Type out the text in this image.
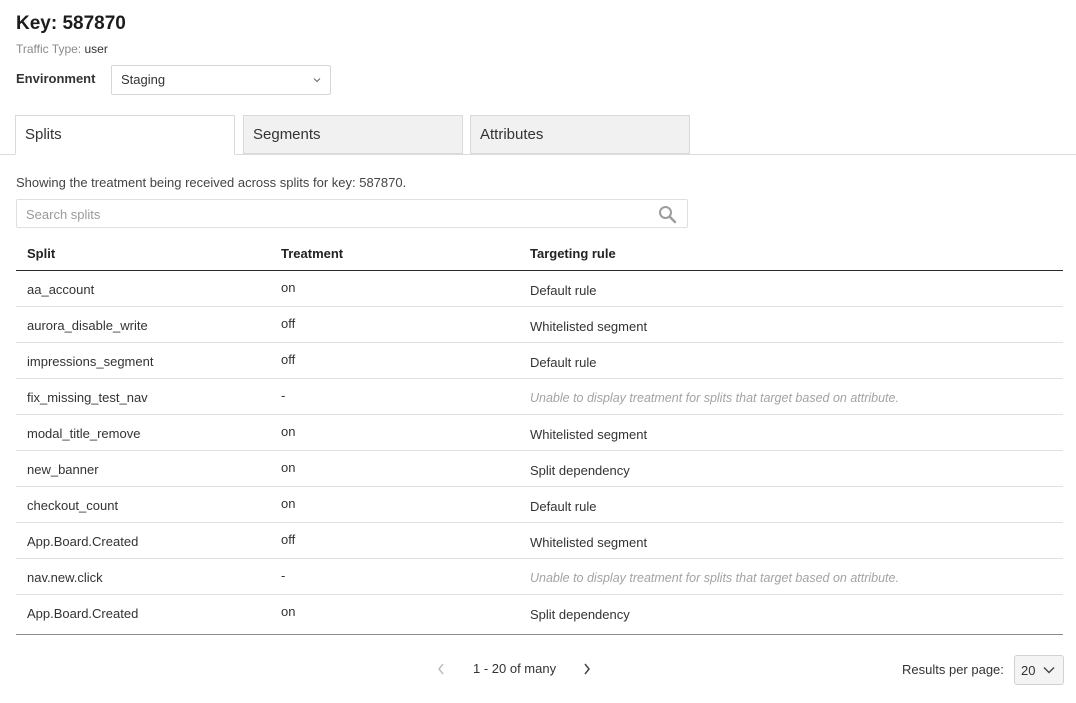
Key: 587870
Traffic Type: user
Environment Staging
Splits	Segments	Attributes
Showing the treatment being received across splits for key: 587870.
Search splits
Split	Treatment	Targeting rule
aa_account	on	Default rule
aurora_disable_write	off	Whitelisted segment
impressions_segment	off	Default rule
fix_missing_test_nav	-	Unable to display treatment for splits that target based on attribute.
modal_title_remove	on	Whitelisted segment
new_banner	on	Split dependency
checkout_count	on	Default rule
App.Board.Created	off	Whitelisted segment
nav.new.click	-	Unable to display treatment for splits that target based on attribute.
App.Board.Created	on	Split dependency
1 - 20 of many	Results per page: 20
